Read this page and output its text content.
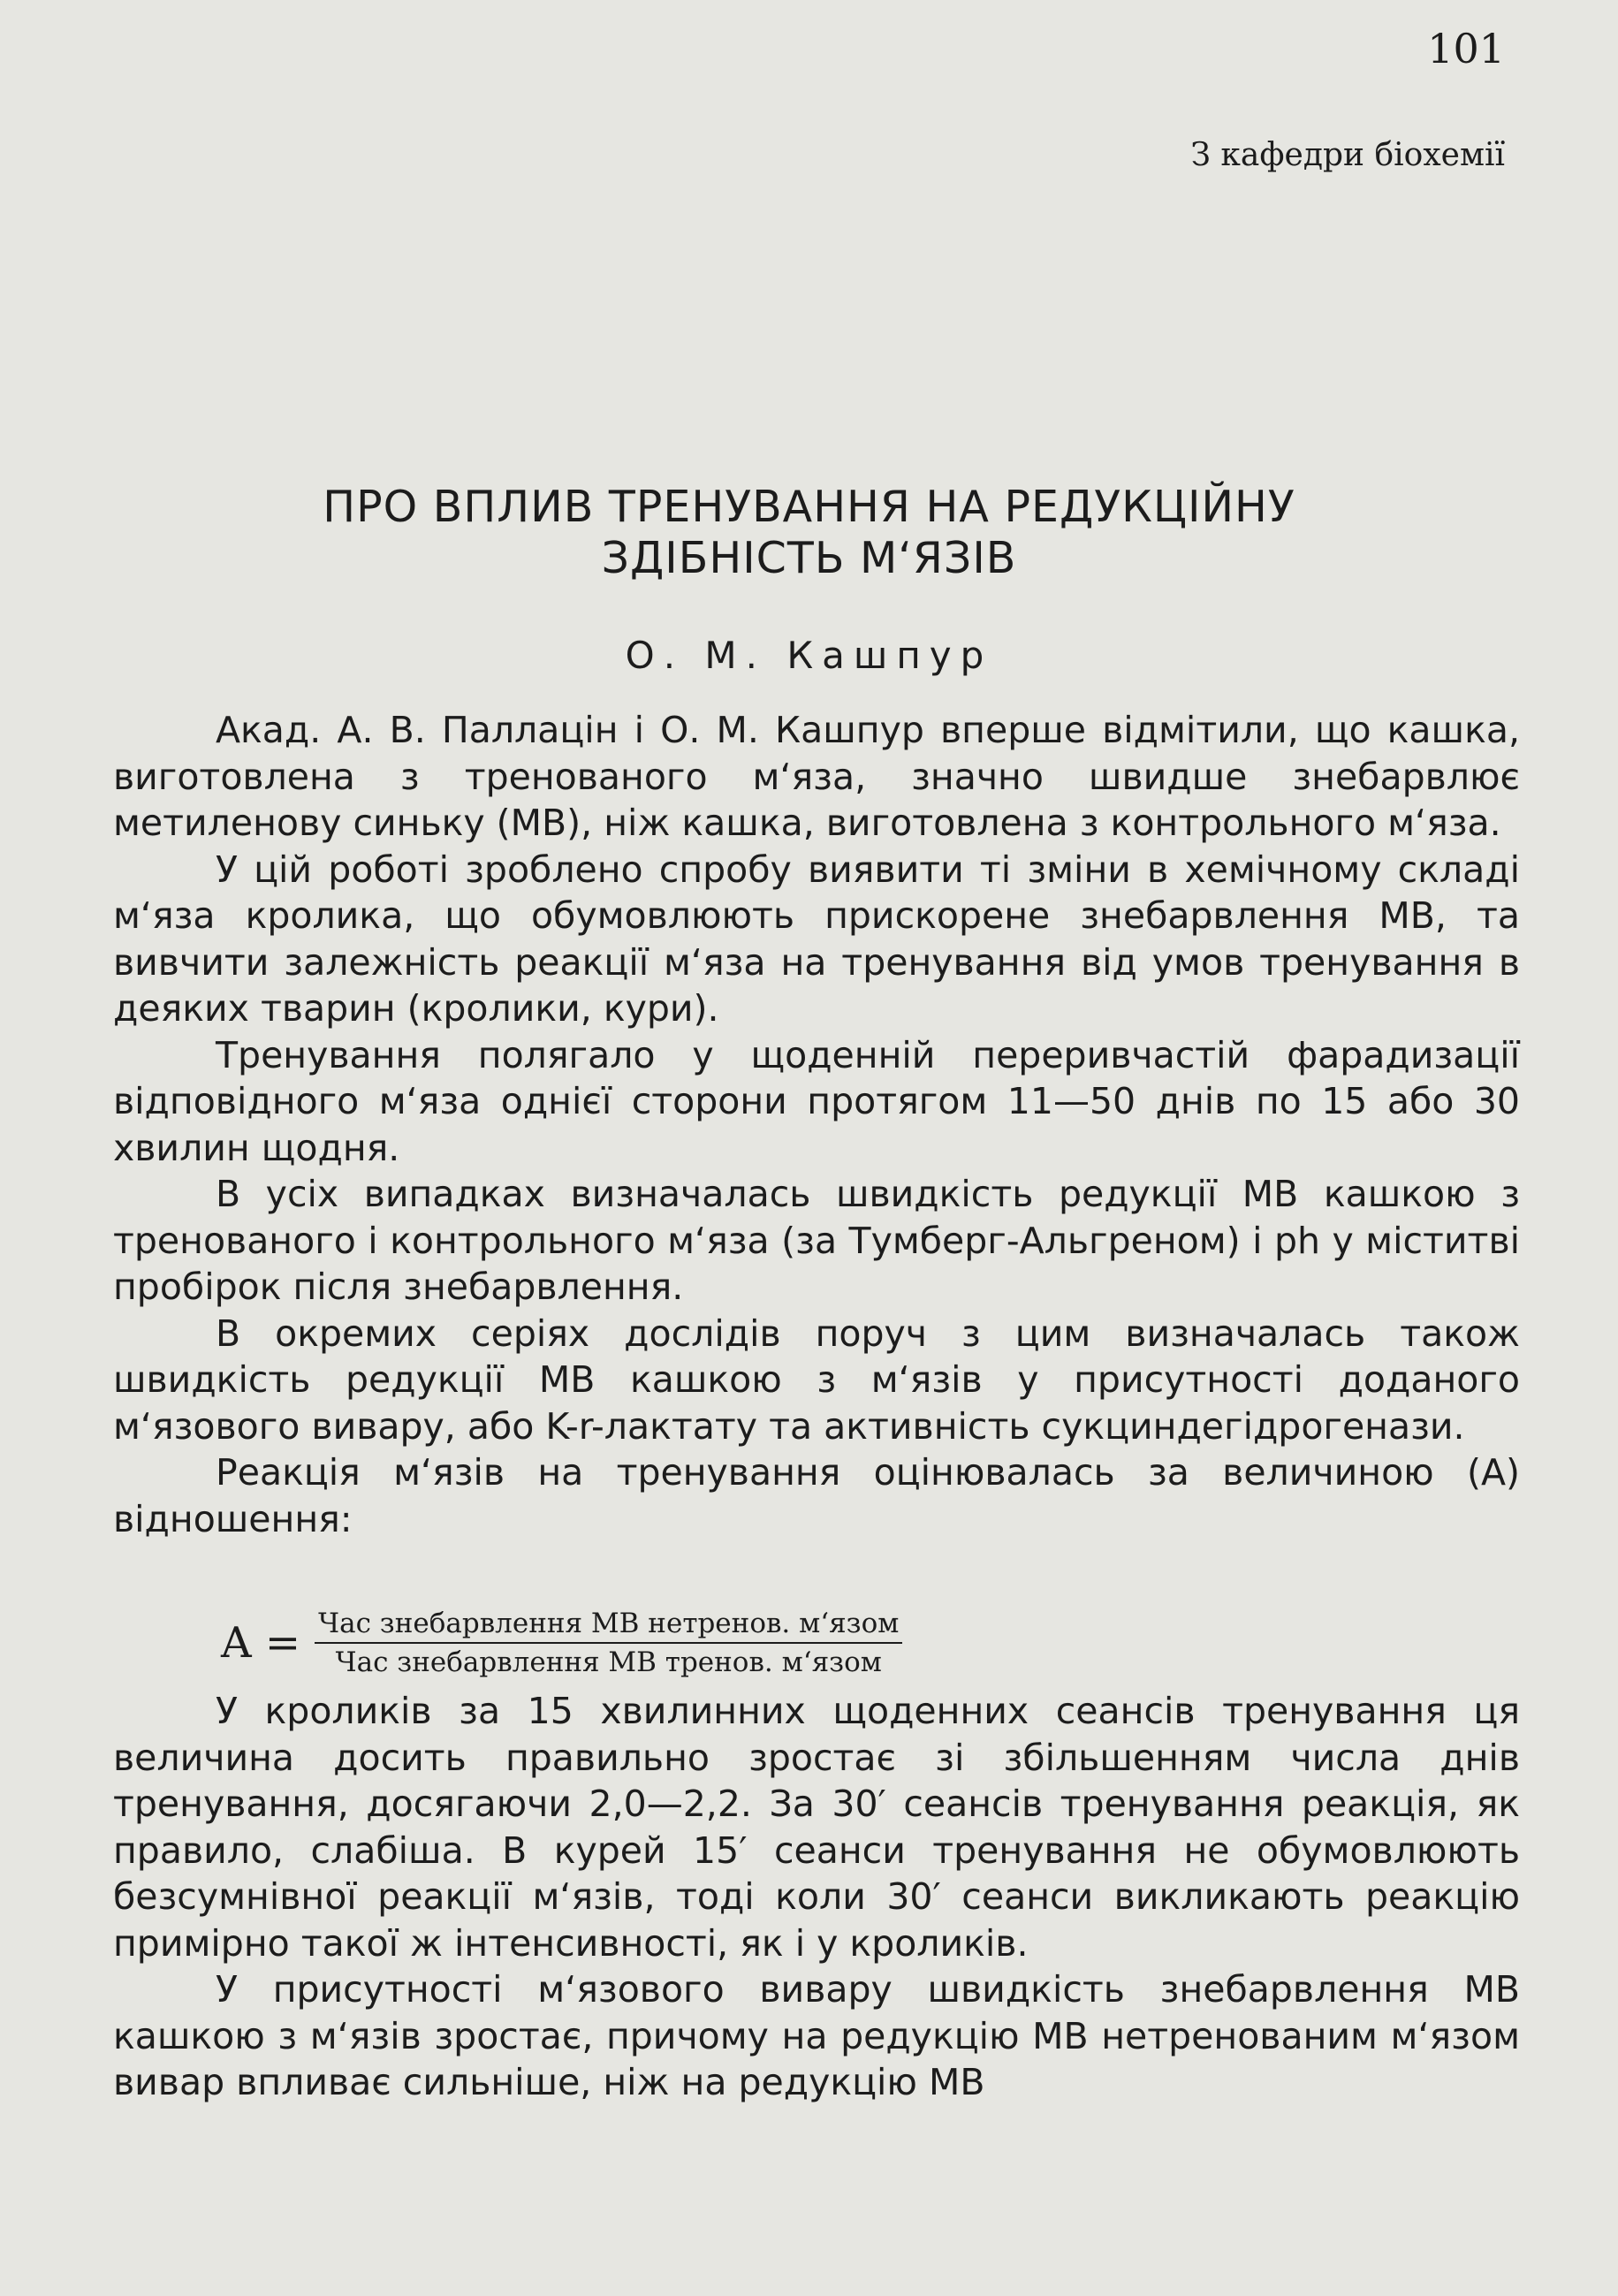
101
З кафедри біохемії
ПРО ВПЛИВ ТРЕНУВАННЯ НА РЕДУКЦІЙНУ
ЗДІБНІСТЬ М‘ЯЗІВ
О. М. Кашпур

Акад. А. В. Паллацін і О. М. Кашпур вперше відмітили, що кашка, виготовлена з тренованого м‘яза, значно швидше знебарвлює метиленову синьку (МВ), ніж кашка, виготовлена з контрольного м‘яза.

У цій роботі зроблено спробу виявити ті зміни в хемічному складі м‘яза кролика, що обумовлюють прискорене знебарвлення МВ, та вивчити залежність реакції м‘яза на тренування від умов тренування в деяких тварин (кролики, кури).

Тренування полягало у щоденній переривчастій фарадизації відповідного м‘яза однієї сторони протягом 11—50 днів по 15 або 30 хвилин щодня.

В усіх випадках визначалась швидкість редукції МВ кашкою з тренованого і контрольного м‘яза (за Тумберг-Альгреном) і ph у міститві пробірок після знебарвлення.

В окремих серіях дослідів поруч з цим визначалась також швидкість редукції МВ кашкою з м‘язів у присутності доданого м‘язового вивару, або K-r-лактату та активність сукциндегідрогенази.

Реакція м‘язів на тренування оцінювалась за величиною (А) відношення:

$A = \frac{\text{Час знебарвлення МВ нетренов. м‘язом}}{\text{Час знебарвлення МВ тренов. м‘язом}}$

У кроликів за 15 хвилинних щоденних сеансів тренування ця величина досить правильно зростає зі збільшенням числа днів тренування, досягаючи 2,0—2,2. За 30′ сеансів тренування реакція, як правило, слабіша. В курей 15′ сеанси тренування не обумовлюють безсумнівної реакції м‘язів, тоді коли 30′ сеанси викликають реакцію примірно такої ж інтенсивності, як і у кроликів.

У присутності м‘язового вивару швидкість знебарвлення МВ кашкою з м‘язів зростає, причому на редукцію МВ нетренованим м‘язом вивар впливає сильніше, ніж на редукцію МВ
